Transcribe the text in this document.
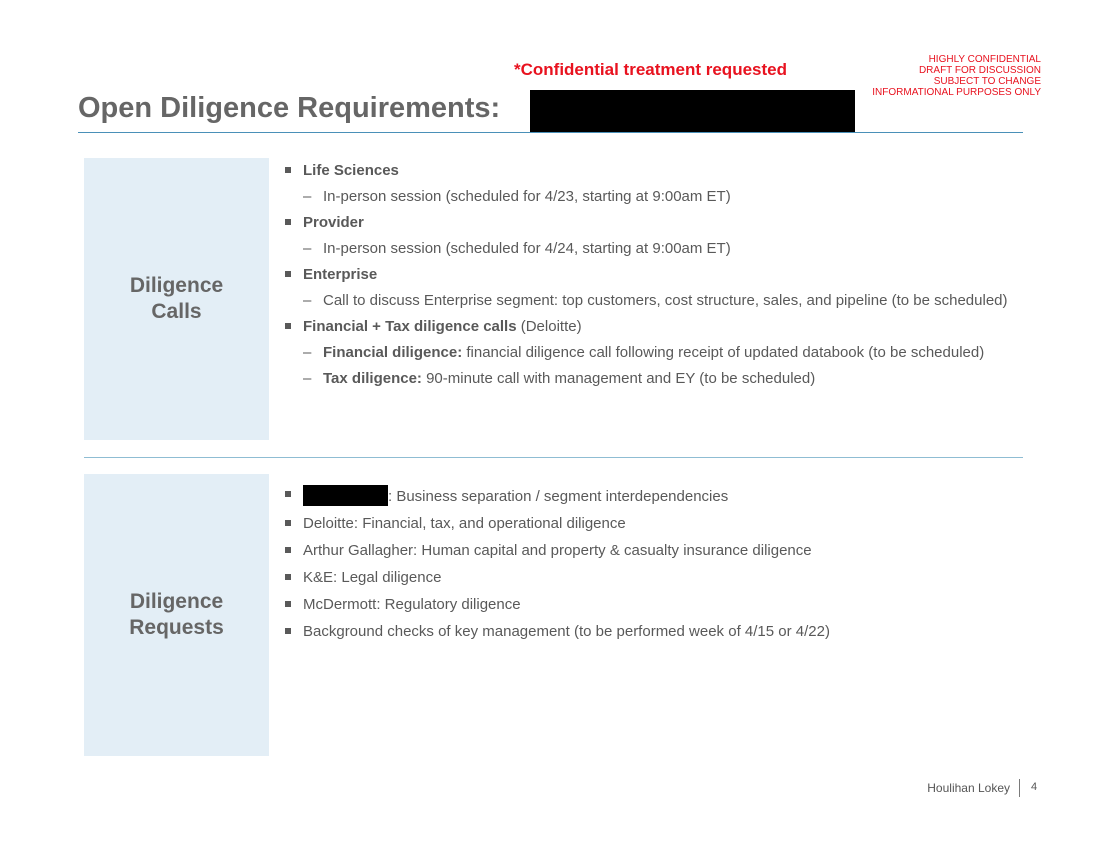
*Confidential treatment requested
HIGHLY CONFIDENTIAL
DRAFT FOR DISCUSSION
SUBJECT TO CHANGE
INFORMATIONAL PURPOSES ONLY
Open Diligence Requirements:
Diligence
Calls
Life Sciences
– In-person session (scheduled for 4/23, starting at 9:00am ET)
Provider
– In-person session (scheduled for 4/24, starting at 9:00am ET)
Enterprise
– Call to discuss Enterprise segment: top customers, cost structure, sales, and pipeline (to be scheduled)
Financial + Tax diligence calls (Deloitte)
– Financial diligence: financial diligence call following receipt of updated databook (to be scheduled)
– Tax diligence: 90-minute call with management and EY (to be scheduled)
Diligence
Requests
: Business separation / segment interdependencies
Deloitte: Financial, tax, and operational diligence
Arthur Gallagher: Human capital and property & casualty insurance diligence
K&E: Legal diligence
McDermott: Regulatory diligence
Background checks of key management (to be performed week of 4/15 or 4/22)
Houlihan Lokey 4
